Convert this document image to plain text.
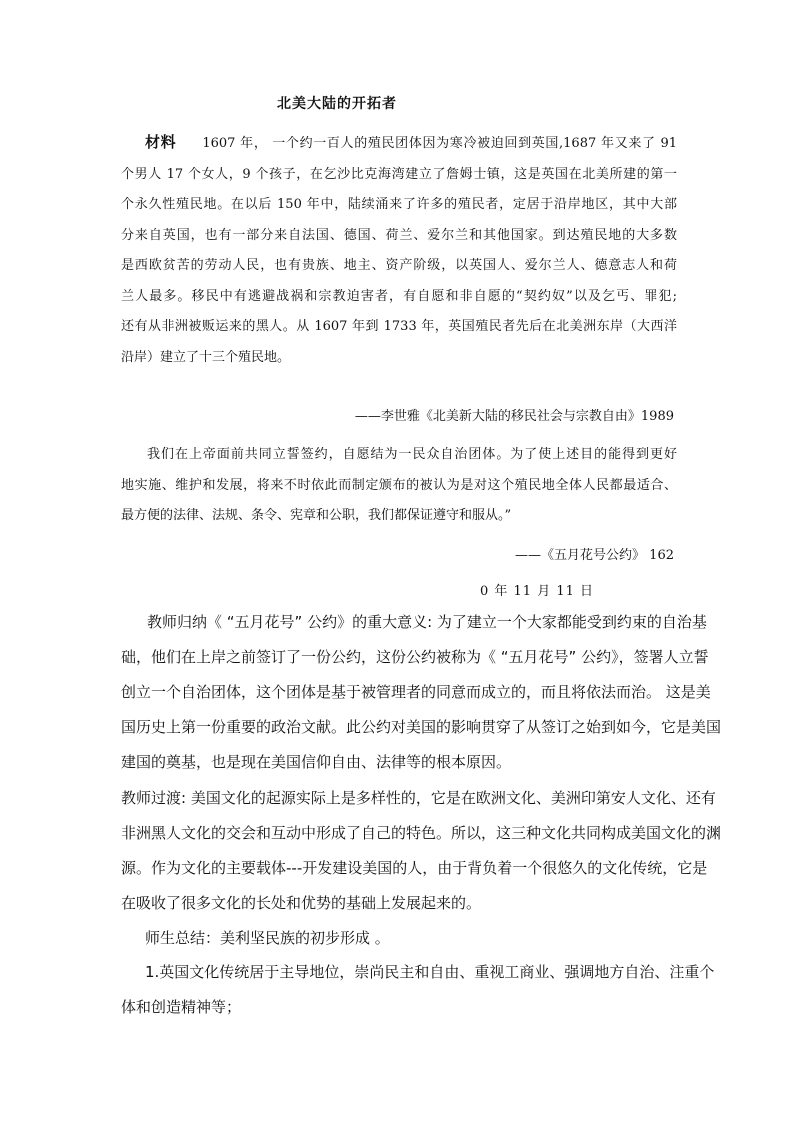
北美大陆的开拓者
材料 1607 年， 一个约一百人的殖民团体因为寒冷被迫回到英国,1687 年又来了 91
个男人 17 个女人，9 个孩子，在乞沙比克海湾建立了詹姆士镇，这是英国在北美所建的第一
个永久性殖民地。在以后 150 年中，陆续涌来了许多的殖民者，定居于沿岸地区，其中大部
分来自英国，也有一部分来自法国、德国、荷兰、爱尔兰和其他国家。到达殖民地的大多数
是西欧贫苦的劳动人民，也有贵族、地主、资产阶级，以英国人、爱尔兰人、德意志人和荷
兰人最多。移民中有逃避战祸和宗教迫害者，有自愿和非自愿的“契约奴”以及乞丐、罪犯;
还有从非洲被贩运来的黑人。从 1607 年到 1733 年，英国殖民者先后在北美洲东岸（大西洋
沿岸）建立了十三个殖民地。
——李世雅《北美新大陆的移民社会与宗教自由》1989
我们在上帝面前共同立誓签约，自愿结为一民众自治团体。为了使上述目的能得到更好
地实施、维护和发展，将来不时依此而制定颁布的被认为是对这个殖民地全体人民都最适合、
最方便的法律、法规、条令、宪章和公职，我们都保证遵守和服从。”
——《五月花号公约》 162
0 年 11 月 11 日
教师归纳《 “五月花号” 公约》的重大意义: 为了建立一个大家都能受到约束的自治基
础，他们在上岸之前签订了一份公约，这份公约被称为《 “五月花号” 公约》，签署人立誓
创立一个自治团体，这个团体是基于被管理者的同意而成立的，而且将依法而治。 这是美
国历史上第一份重要的政治文献。此公约对美国的影响贯穿了从签订之始到如今，它是美国
建国的奠基，也是现在美国信仰自由、法律等的根本原因。
教师过渡: 美国文化的起源实际上是多样性的，它是在欧洲文化、美洲印第安人文化、还有
非洲黑人文化的交会和互动中形成了自己的特色。所以，这三种文化共同构成美国文化的渊
源。作为文化的主要载体---开发建设美国的人，由于背负着一个很悠久的文化传统，它是
在吸收了很多文化的长处和优势的基础上发展起来的。
师生总结：美利坚民族的初步形成 。
1.英国文化传统居于主导地位，崇尚民主和自由、重视工商业、强调地方自治、注重个
体和创造精神等；
